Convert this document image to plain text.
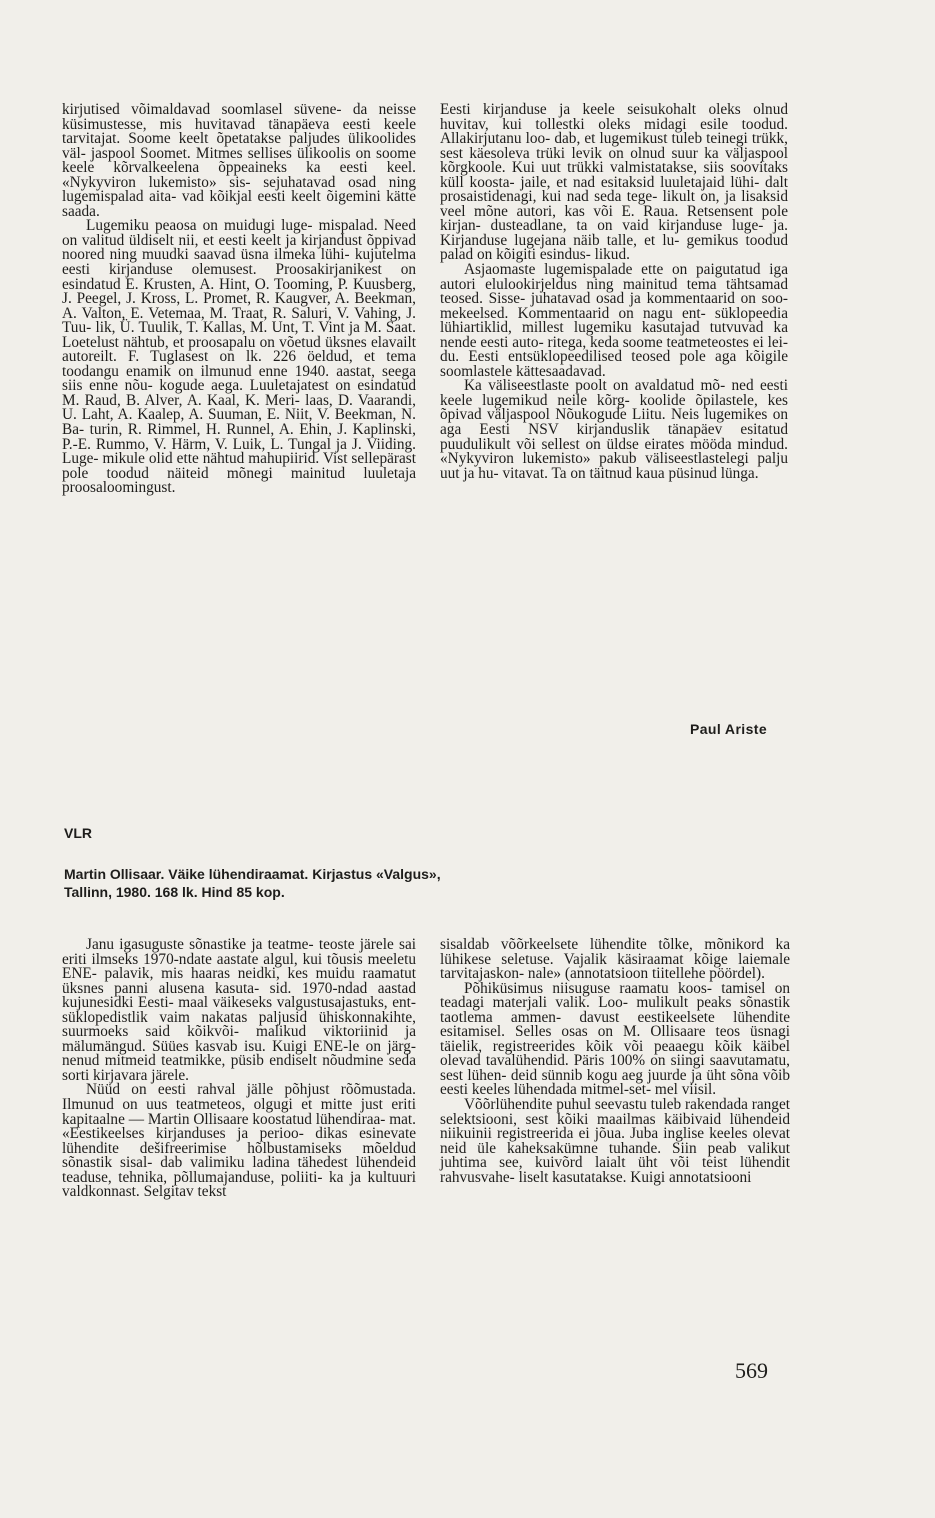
kirjutised võimaldavad soomlasel süvene- da neisse küsimustesse, mis huvitavad tänapäeva eesti keele tarvitajat. Soome keelt õpetatakse paljudes ülikoolides väl- jaspool Soomet. Mitmes sellises ülikoolis on soome keele kõrvalkeelena õppeaineks ka eesti keel. «Nykyviron lukemisto» sis- sejuhatavad osad ning lugemispalad aita- vad kõikjal eesti keelt õigemini kätte saada.

Lugemiku peaosa on muidugi luge- mispalad. Need on valitud üldiselt nii, et eesti keelt ja kirjandust õppivad noored ning muudki saavad üsna ilmeka lühi- kujutelma eesti kirjanduse olemusest. Proosakirjanikest on esindatud E. Krusten, A. Hint, O. Tooming, P. Kuusberg, J. Peegel, J. Kross, L. Promet, R. Kaugver, A. Beekman, A. Valton, E. Vetemaa, M. Traat, R. Saluri, V. Vahing, J. Tuu- lik, Ü. Tuulik, T. Kallas, M. Unt, T. Vint ja M. Saat. Loetelust nähtub, et proosapalu on võetud üksnes elavailt autoreilt. F. Tuglasest on lk. 226 öeldud, et tema toodangu enamik on ilmunud enne 1940. aastat, seega siis enne nõu- kogude aega. Luuletajatest on esindatud M. Raud, B. Alver, A. Kaal, K. Meri- laas, D. Vaarandi, U. Laht, A. Kaalep, A. Suuman, E. Niit, V. Beekman, N. Ba- turin, R. Rimmel, H. Runnel, A. Ehin, J. Kaplinski, P.-E. Rummo, V. Härm, V. Luik, L. Tungal ja J. Viiding. Luge- mikule olid ette nähtud mahupiirid. Vist sellepärast pole toodud näiteid mõnegi mainitud luuletaja proosaloomingust.

Eesti kirjanduse ja keele seisukohalt oleks olnud huvitav, kui tollestki oleks midagi esile toodud. Allakirjutanu loo- dab, et lugemikust tuleb teinegi trükk, sest käesoleva trüki levik on olnud suur ka väljaspool kõrgkoole. Kui uut trükki valmistatakse, siis soovitaks küll koosta- jaile, et nad esitaksid luuletajaid lühi- dalt prosaistidenagi, kui nad seda tege- likult on, ja lisaksid veel mõne autori, kas või E. Raua. Retsensent pole kirjan- dusteadlane, ta on vaid kirjanduse luge- ja. Kirjanduse lugejana näib talle, et lu- gemikus toodud palad on kõigiti esindus- likud.

Asjaomaste lugemispalade ette on paigutatud iga autori elulookirjeldus ning mainitud tema tähtsamad teosed. Sisse- juhatavad osad ja kommentaarid on soo- mekeelsed. Kommentaarid on nagu ent- süklopeedia lühiartiklid, millest lugemiku kasutajad tutvuvad ka nende eesti auto- ritega, keda soome teatmeteostes ei lei- du. Eesti entsüklopeedilised teosed pole aga kõigile soomlastele kättesaadavad.

Ka väliseestlaste poolt on avaldatud mõ- ned eesti keele lugemikud neile kõrg- koolide õpilastele, kes õpivad väljaspool Nõukogude Liitu. Neis lugemikes on aga Eesti NSV kirjanduslik tänapäev esitatud puudulikult või sellest on üldse eirates mööda mindud. «Nykyviron lukemisto» pakub väliseestlastelegi palju uut ja hu- vitavat. Ta on täitnud kaua püsinud lünga.

Paul Ariste
VLR
Martin Ollisaar. Väike lühendiraamat. Kirjastus «Valgus»,
Tallinn, 1980. 168 lk. Hind 85 kop.

Janu igasuguste sõnastike ja teatme- teoste järele sai eriti ilmseks 1970-ndate aastate algul, kui tõusis meeletu ENE- palavik, mis haaras neidki, kes muidu raamatut üksnes panni alusena kasuta- sid. 1970-ndad aastad kujunesidki Eesti- maal väikeseks valgustusajastuks, ent- süklopedistlik vaim nakatas paljusid ühiskonnakihte, suurmoeks said kõikvõi- malikud viktoriinid ja mälumängud. Süües kasvab isu. Kuigi ENE-le on järg- nenud mitmeid teatmikke, püsib endiselt nõudmine seda sorti kirjavara järele.

Nüüd on eesti rahval jälle põhjust rõõmustada. Ilmunud on uus teatmeteos, olgugi et mitte just eriti kapitaalne — Martin Ollisaare koostatud lühendiraa- mat. «Eestikeelses kirjanduses ja perioo- dikas esinevate lühendite dešifreerimise hõlbustamiseks mõeldud sõnastik sisal- dab valimiku ladina tähedest lühendeid teaduse, tehnika, põllumajanduse, poliiti- ka ja kultuuri valdkonnast. Selgitav tekst

sisaldab võõrkeelsete lühendite tõlke, mõnikord ka lühikese seletuse. Vajalik käsiraamat kõige laiemale tarvitajaskon- nale» (annotatsioon tiitellehe pöördel).

Põhiküsimus niisuguse raamatu koos- tamisel on teadagi materjali valik. Loo- mulikult peaks sõnastik taotlema ammen- davust eestikeelsete lühendite esitamisel. Selles osas on M. Ollisaare teos üsnagi täielik, registreerides kõik või peaaegu kõik käibel olevad tavalühendid. Päris 100% on siingi saavutamatu, sest lühen- deid sünnib kogu aeg juurde ja üht sõna võib eesti keeles lühendada mitmel-set- mel viisil.

Võõrlühendite puhul seevastu tuleb rakendada ranget selektsiooni, sest kõiki maailmas käibivaid lühendeid niikuinii registreerida ei jõua. Juba inglise keeles olevat neid üle kaheksakümne tuhande. Siin peab valikut juhtima see, kuivõrd laialt üht või teist lühendit rahvusvahe- liselt kasutatakse. Kuigi annotatsiooni

569
